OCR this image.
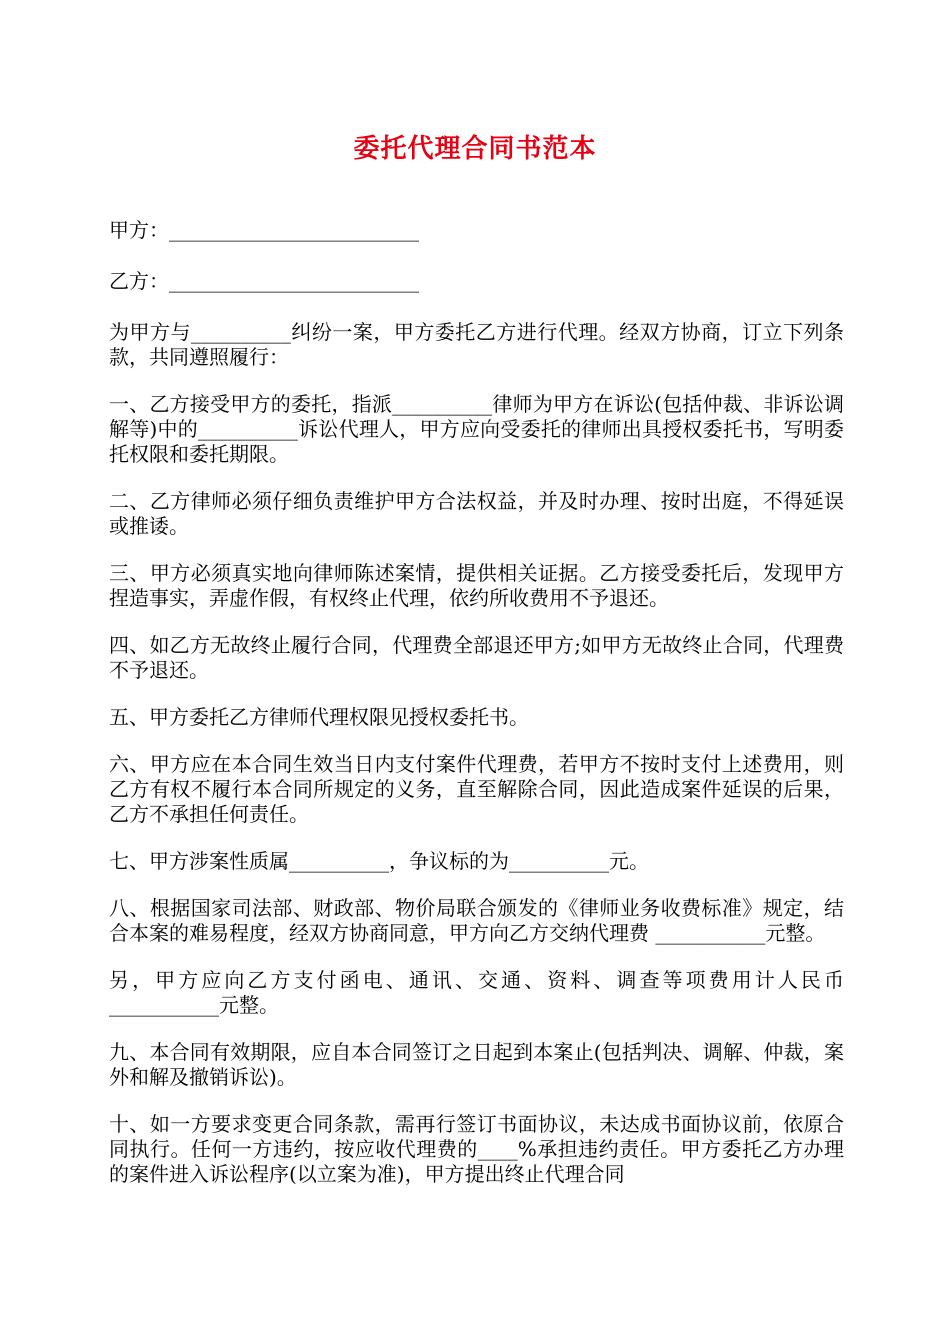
委托代理合同书范本

甲方：_________________________

乙方：_________________________

为甲方与__________纠纷一案，甲方委托乙方进行代理。经双方协商，订立下列条款，共同遵照履行：

一、乙方接受甲方的委托，指派__________律师为甲方在诉讼(包括仲裁、非诉讼调解等)中的__________诉讼代理人，甲方应向受委托的律师出具授权委托书，写明委托权限和委托期限。

二、乙方律师必须仔细负责维护甲方合法权益，并及时办理、按时出庭，不得延误或推诿。

三、甲方必须真实地向律师陈述案情，提供相关证据。乙方接受委托后，发现甲方捏造事实，弄虚作假，有权终止代理，依约所收费用不予退还。

四、如乙方无故终止履行合同，代理费全部退还甲方;如甲方无故终止合同，代理费不予退还。

五、甲方委托乙方律师代理权限见授权委托书。

六、甲方应在本合同生效当日内支付案件代理费，若甲方不按时支付上述费用，则乙方有权不履行本合同所规定的义务，直至解除合同，因此造成案件延误的后果，乙方不承担任何责任。

七、甲方涉案性质属__________，争议标的为__________元。

八、根据国家司法部、财政部、物价局联合颁发的《律师业务收费标准》规定，结合本案的难易程度，经双方协商同意，甲方向乙方交纳代理费 ___________元整。

另，甲方应向乙方支付函电、通讯、交通、资料、调查等项费用计人民币 ___________元整。

九、本合同有效期限，应自本合同签订之日起到本案止(包括判决、调解、仲裁，案外和解及撤销诉讼)。

十、如一方要求变更合同条款，需再行签订书面协议，未达成书面协议前，依原合同执行。任何一方违约，按应收代理费的____%承担违约责任。甲方委托乙方办理的案件进入诉讼程序(以立案为准)，甲方提出终止代理合同
